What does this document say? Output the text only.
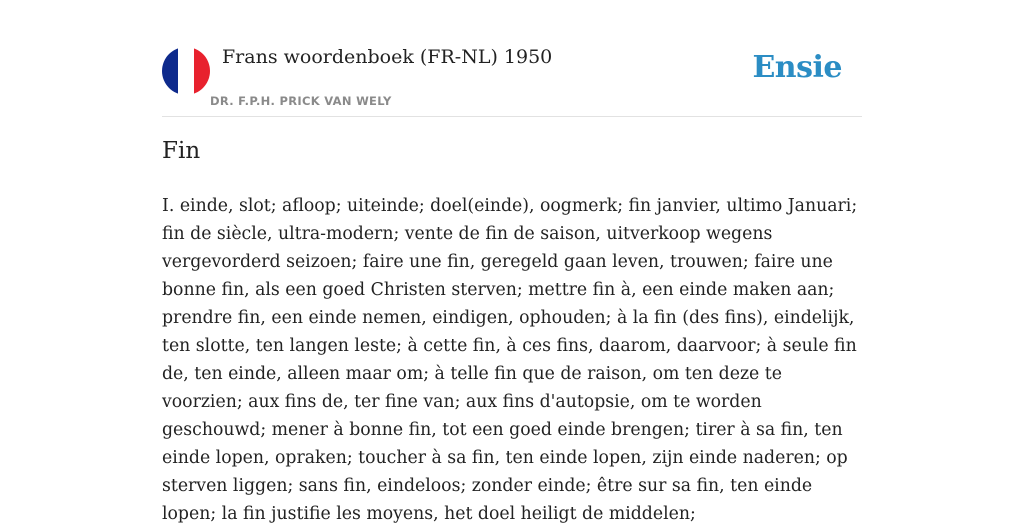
Frans woordenboek (FR-NL) 1950
DR. F.P.H. PRICK VAN WELY
Ensie
Fin

I. einde, slot; afloop; uiteinde; doel(einde), oogmerk; fin janvier, ultimo Januari; fin de siècle, ultra-modern; vente de fin de saison, uitverkoop wegens vergevorderd seizoen; faire une fin, geregeld gaan leven, trouwen; faire une bonne fin, als een goed Christen sterven; mettre fin à, een einde maken aan; prendre fin, een einde nemen, eindigen, ophouden; à la fin (des fins), eindelijk, ten slotte, ten langen leste; à cette fin, à ces fins, daarom, daarvoor; à seule fin de, ten einde, alleen maar om; à telle fin que de raison, om ten deze te voorzien; aux fins de, ter fine van; aux fins d'autopsie, om te worden geschouwd; mener à bonne fin, tot een goed einde brengen; tirer à sa fin, ten einde lopen, opraken; toucher à sa fin, ten einde lopen, zijn einde naderen; op sterven liggen; sans fin, eindeloos; zonder einde; être sur sa fin, ten einde lopen; la fin justifie les moyens, het doel heiligt de middelen;
